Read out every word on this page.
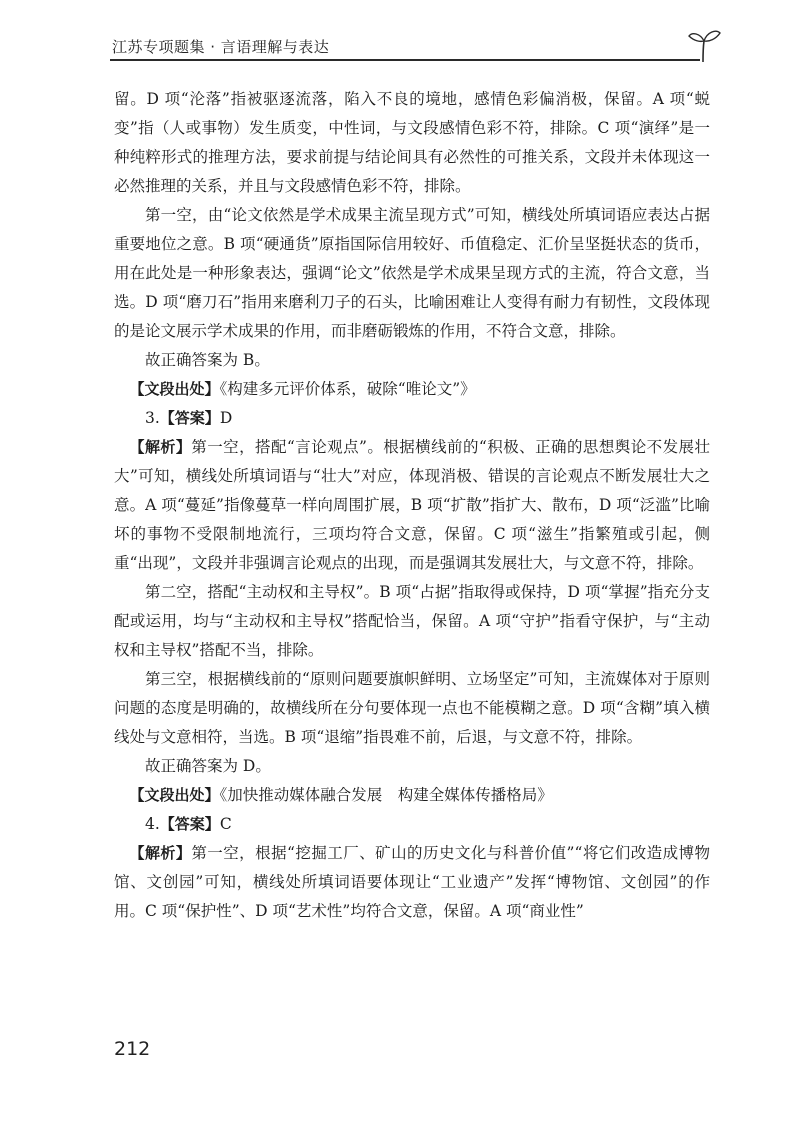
江苏专项题集 · 言语理解与表达

留。D 项“沦落”指被驱逐流落，陷入不良的境地，感情色彩偏消极，保留。A 项“蜕变”指（人或事物）发生质变，中性词，与文段感情色彩不符，排除。C 项“演绎”是一种纯粹形式的推理方法，要求前提与结论间具有必然性的可推关系，文段并未体现这一必然推理的关系，并且与文段感情色彩不符，排除。

第一空，由“论文依然是学术成果主流呈现方式”可知，横线处所填词语应表达占据重要地位之意。B 项“硬通货”原指国际信用较好、币值稳定、汇价呈坚挺状态的货币，用在此处是一种形象表达，强调“论文”依然是学术成果呈现方式的主流，符合文意，当选。D 项“磨刀石”指用来磨利刀子的石头，比喻困难让人变得有耐力有韧性，文段体现的是论文展示学术成果的作用，而非磨砺锻炼的作用，不符合文意，排除。

故正确答案为 B。

【文段出处】《构建多元评价体系，破除“唯论文”》

3.【答案】D

【解析】第一空，搭配“言论观点”。根据横线前的“积极、正确的思想舆论不发展壮大”可知，横线处所填词语与“壮大”对应，体现消极、错误的言论观点不断发展壮大之意。A 项“蔓延”指像蔓草一样向周围扩展，B 项“扩散”指扩大、散布，D 项“泛滥”比喻坏的事物不受限制地流行，三项均符合文意，保留。C 项“滋生”指繁殖或引起，侧重“出现”，文段并非强调言论观点的出现，而是强调其发展壮大，与文意不符，排除。

第二空，搭配“主动权和主导权”。B 项“占据”指取得或保持，D 项“掌握”指充分支配或运用，均与“主动权和主导权”搭配恰当，保留。A 项“守护”指看守保护，与“主动权和主导权”搭配不当，排除。

第三空，根据横线前的“原则问题要旗帜鲜明、立场坚定”可知，主流媒体对于原则问题的态度是明确的，故横线所在分句要体现一点也不能模糊之意。D 项“含糊”填入横线处与文意相符，当选。B 项“退缩”指畏难不前，后退，与文意不符，排除。

故正确答案为 D。

【文段出处】《加快推动媒体融合发展　构建全媒体传播格局》

4.【答案】C

【解析】第一空，根据“挖掘工厂、矿山的历史文化与科普价值”“将它们改造成博物馆、文创园”可知，横线处所填词语要体现让“工业遗产”发挥“博物馆、文创园”的作用。C 项“保护性”、D 项“艺术性”均符合文意，保留。A 项“商业性”

212
